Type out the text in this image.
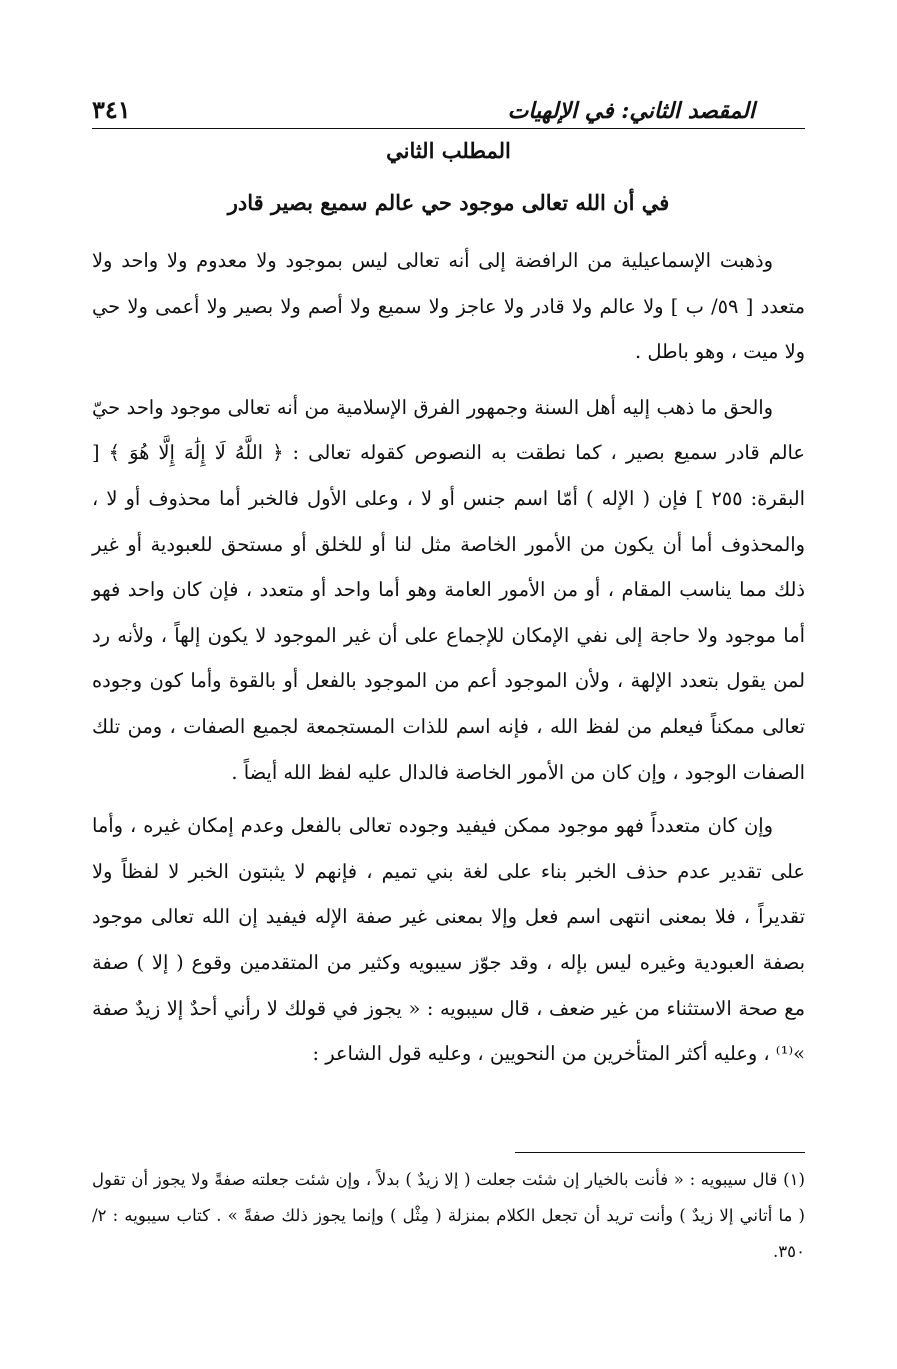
المقصد الثاني: في الإلهيات
٣٤١
المطلب الثاني
في أن الله تعالى موجود حي عالم سميع بصير قادر

وذهبت الإسماعيلية من الرافضة إلى أنه تعالى ليس بموجود ولا معدوم ولا واحد ولا متعدد [ ٥٩/ ب ] ولا عالم ولا قادر ولا عاجز ولا سميع ولا أصم ولا بصير ولا أعمى ولا حي ولا ميت ، وهو باطل .

والحق ما ذهب إليه أهل السنة وجمهور الفرق الإسلامية من أنه تعالى موجود واحد حيّ عالم قادر سميع بصير ، كما نطقت به النصوص كقوله تعالى : ﴿ اللَّهُ لَا إِلَٰهَ إِلَّا هُوَ ﴾ [ البقرة: ٢٥٥ ] فإن ( الإله ) أمّا اسم جنس أو لا ، وعلى الأول فالخبر أما محذوف أو لا ، والمحذوف أما أن يكون من الأمور الخاصة مثل لنا أو للخلق أو مستحق للعبودية أو غير ذلك مما يناسب المقام ، أو من الأمور العامة وهو أما واحد أو متعدد ، فإن كان واحد فهو أما موجود ولا حاجة إلى نفي الإمكان للإجماع على أن غير الموجود لا يكون إلهاً ، ولأنه رد لمن يقول بتعدد الإلهة ، ولأن الموجود أعم من الموجود بالفعل أو بالقوة وأما كون وجوده تعالى ممكناً فيعلم من لفظ الله ، فإنه اسم للذات المستجمعة لجميع الصفات ، ومن تلك الصفات الوجود ، وإن كان من الأمور الخاصة فالدال عليه لفظ الله أيضاً .

وإن كان متعدداً فهو موجود ممكن فيفيد وجوده تعالى بالفعل وعدم إمكان غيره ، وأما على تقدير عدم حذف الخبر بناء على لغة بني تميم ، فإنهم لا يثبتون الخبر لا لفظاً ولا تقديراً ، فلا بمعنى انتهى اسم فعل وإلا بمعنى غير صفة الإله فيفيد إن الله تعالى موجود بصفة العبودية وغيره ليس بإله ، وقد جوّز سيبويه وكثير من المتقدمين وقوع ( إلا ) صفة مع صحة الاستثناء من غير ضعف ، قال سيبويه : « يجوز في قولك لا رأني أحدٌ إلا زيدٌ صفة »⁽¹⁾ ، وعليه أكثر المتأخرين من النحويين ، وعليه قول الشاعر :

(١) قال سيبويه : « فأنت بالخيار إن شئت جعلت ( إلا زيدٌ ) بدلاً ، وإن شئت جعلته صفةً ولا يجوز أن تقول ( ما أتاني إلا زيدٌ ) وأنت تريد أن تجعل الكلام بمنزلة ( مِثْل ) وإنما يجوز ذلك صفةً » . كتاب سيبويه : ٢/ ٣٥٠.
